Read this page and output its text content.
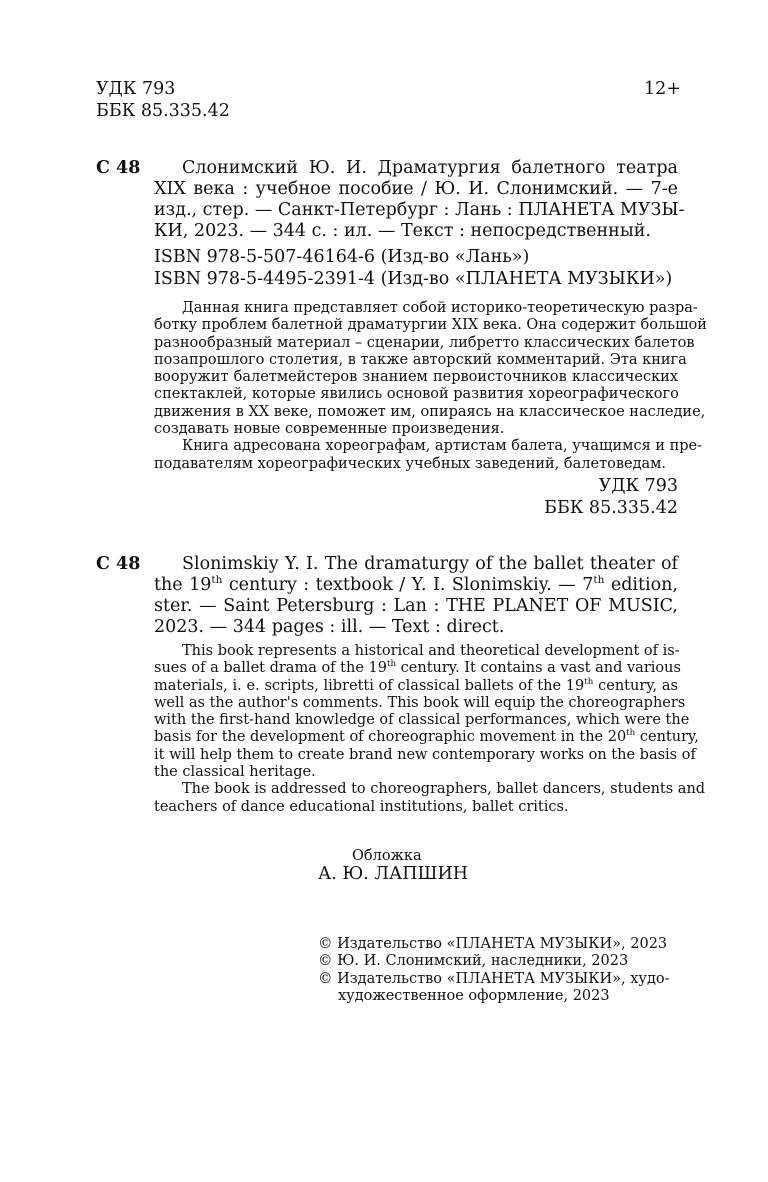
УДК 793
ББК 85.335.42
12+
С 48	Слонимский Ю. И. Драматургия балетного театра
XIX века : учебное пособие / Ю. И. Слонимский. — 7-е
изд., стер. — Санкт-Петербург : Лань : ПЛАНЕТА МУЗЫ-
КИ, 2023. — 344 с. : ил. — Текст : непосредственный.
ISBN 978-5-507-46164-6 (Изд-во «Лань»)
ISBN 978-5-4495-2391-4 (Изд-во «ПЛАНЕТА МУЗЫКИ»)
Данная книга представляет собой историко-теоретическую разра-
ботку проблем балетной драматургии XIX века. Она содержит большой
разнообразный материал – сценарии, либретто классических балетов
позапрошлого столетия, в также авторский комментарий. Эта книга
вооружит балетмейстеров знанием первоисточников классических
спектаклей, которые явились основой развития хореографического
движения в XX веке, поможет им, опираясь на классическое наследие,
создавать новые современные произведения.
Книга адресована хореографам, артистам балета, учащимся и пре-
подавателям хореографических учебных заведений, балетоведам.
УДК 793
ББК 85.335.42
С 48	Slonimskiy Y. I. The dramaturgy of the ballet theater of
the 19th century : textbook / Y. I. Slonimskiy. — 7th edition,
ster. — Saint Petersburg : Lan : THE PLANET OF MUSIC,
2023. — 344 pages : ill. — Text : direct.
This book represents a historical and theoretical development of is-
sues of a ballet drama of the 19th century. It contains a vast and various
materials, i. e. scripts, libretti of classical ballets of the 19th century, as
well as the author's comments. This book will equip the choreographers
with the first-hand knowledge of classical performances, which were the
basis for the development of choreographic movement in the 20th century,
it will help them to create brand new contemporary works on the basis of
the classical heritage.
The book is addressed to choreographers, ballet dancers, students and
teachers of dance educational institutions, ballet critics.
Обложка
А. Ю. ЛАПШИН
© Издательство «ПЛАНЕТА МУЗЫКИ», 2023
© Ю. И. Слонимский, наследники, 2023
© Издательство «ПЛАНЕТА МУЗЫКИ», худо-
художественное оформление, 2023
